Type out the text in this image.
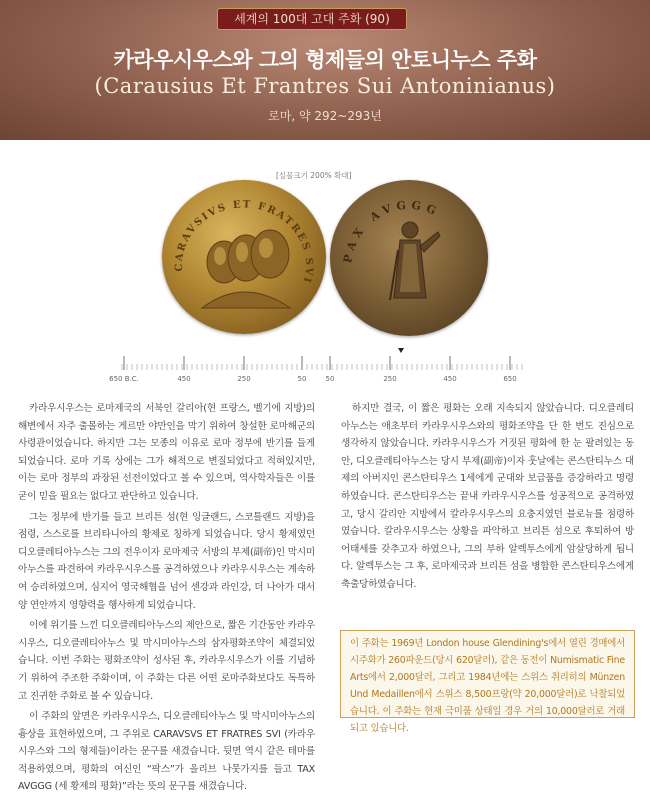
세계의 100대 고대 주화 (90)
카라우시우스와 그의 형제들의 안토니누스 주화
(Carausius Et Frantres Sui Antoninianus)
로마, 약 292~293년
[실물크기 200% 확대]
CARAVSIVS ET FRATRES SVI
PAX AVGGG
650 B.C.	450	250	50	50	250	450	650

카라우시우스는 로마제국의 서북인 갈리아(현 프랑스, 벨기에 지방)의 해변에서 자주 출몰하는 게르만 야만인을 막기 위하여 창설한 로마해군의 사령관이었습니다. 하지만 그는 모종의 이유로 로마 정부에 반기를 들게 되었습니다. 로마 기록 상에는 그가 해적으로 변질되었다고 적혀있지만, 이는 로마 정부의 과장된 선전이었다고 볼 수 있으며, 역사학자들은 이를 굳이 믿을 필요는 없다고 판단하고 있습니다.

그는 정부에 반기를 들고 브리튼 섬(현 잉글랜드, 스코틀랜드 지방)을 점령, 스스로를 브리타니아의 황제로 칭하게 되었습니다. 당시 황제였던 디오클레티아누스는 그의 전우이자 로마제국 서방의 부제(副帝)인 막시미아누스를 파견하여 카라우시우스를 공격하였으나 카라우시우스는 계속하여 승리하였으며, 심지어 영국해협을 넘어 센강과 라인강, 더 나아가 대서양 연안까지 영향력을 행사하게 되었습니다.

이에 위기를 느낀 디오클레티아누스의 제안으로, 짧은 기간동안 카라우시우스, 디오클레티아누스 및 막시미아누스의 삼자평화조약이 체결되었습니다. 이번 주화는 평화조약이 성사된 후, 카라우시우스가 이를 기념하기 위하여 주조한 주화이며, 이 주화는 다른 어떤 로마주화보다도 독특하고 진귀한 주화로 볼 수 있습니다.

이 주화의 앞면은 카라우시우스, 디오클레티아누스 및 막시미아누스의 흉상을 표현하였으며, 그 주위로 CARAVSVS ET FRATRES SVI (카라우시우스와 그의 형제들)이라는 문구를 새겼습니다. 뒷면 역시 같은 테마를 적용하였으며, 평화의 여신인 “팍스”가 올리브 나뭇가지를 들고 TAX AVGGG (세 황제의 평화)”라는 뜻의 문구를 새겼습니다.

하지만 결국, 이 짧은 평화는 오래 지속되지 않았습니다. 디오클레티아누스는 애초부터 카라우시우스와의 평화조약을 단 한 번도 진심으로 생각하지 않았습니다. 카라우시우스가 거짓된 평화에 한 눈 팔려있는 동안, 디오클레티아누스는 당시 부제(副帝)이자 훗날에는 콘스탄티누스 대제의 아버지인 콘스탄티우스 1세에게 군대와 보급품을 증강하라고 명령하였습니다. 콘스탄티우스는 끝내 카라우시우스를 성공적으로 공격하였고, 당시 갈리안 지방에서 칼라우시우스의 요충지였던 블로뉴를 점령하였습니다. 칼라우시우스는 상황을 파악하고 브리튼 섬으로 후퇴하여 방어태세를 갖추고자 하였으나, 그의 부하 알렉투스에게 암살당하게 됩니다. 알렉투스는 그 후, 로마제국과 브리튼 섬을 병합한 콘스탄티우스에게 축출당하였습니다.

이 주화는 1969년 London house Glendining's에서 열린 경매에서 시주화가 260파운드(당시 620달러), 같은 동전이 Numismatic Fine Arts에서 2,000달러, 그리고 1984년에는 스위스 취리히의 Münzen Und Medaillen에서 스위스 8,500프랑(약 20,000달러)로 낙찰되었습니다. 이 주화는 현재 극미품 상태일 경우 거의 10,000달러로 거래되고 있습니다.
